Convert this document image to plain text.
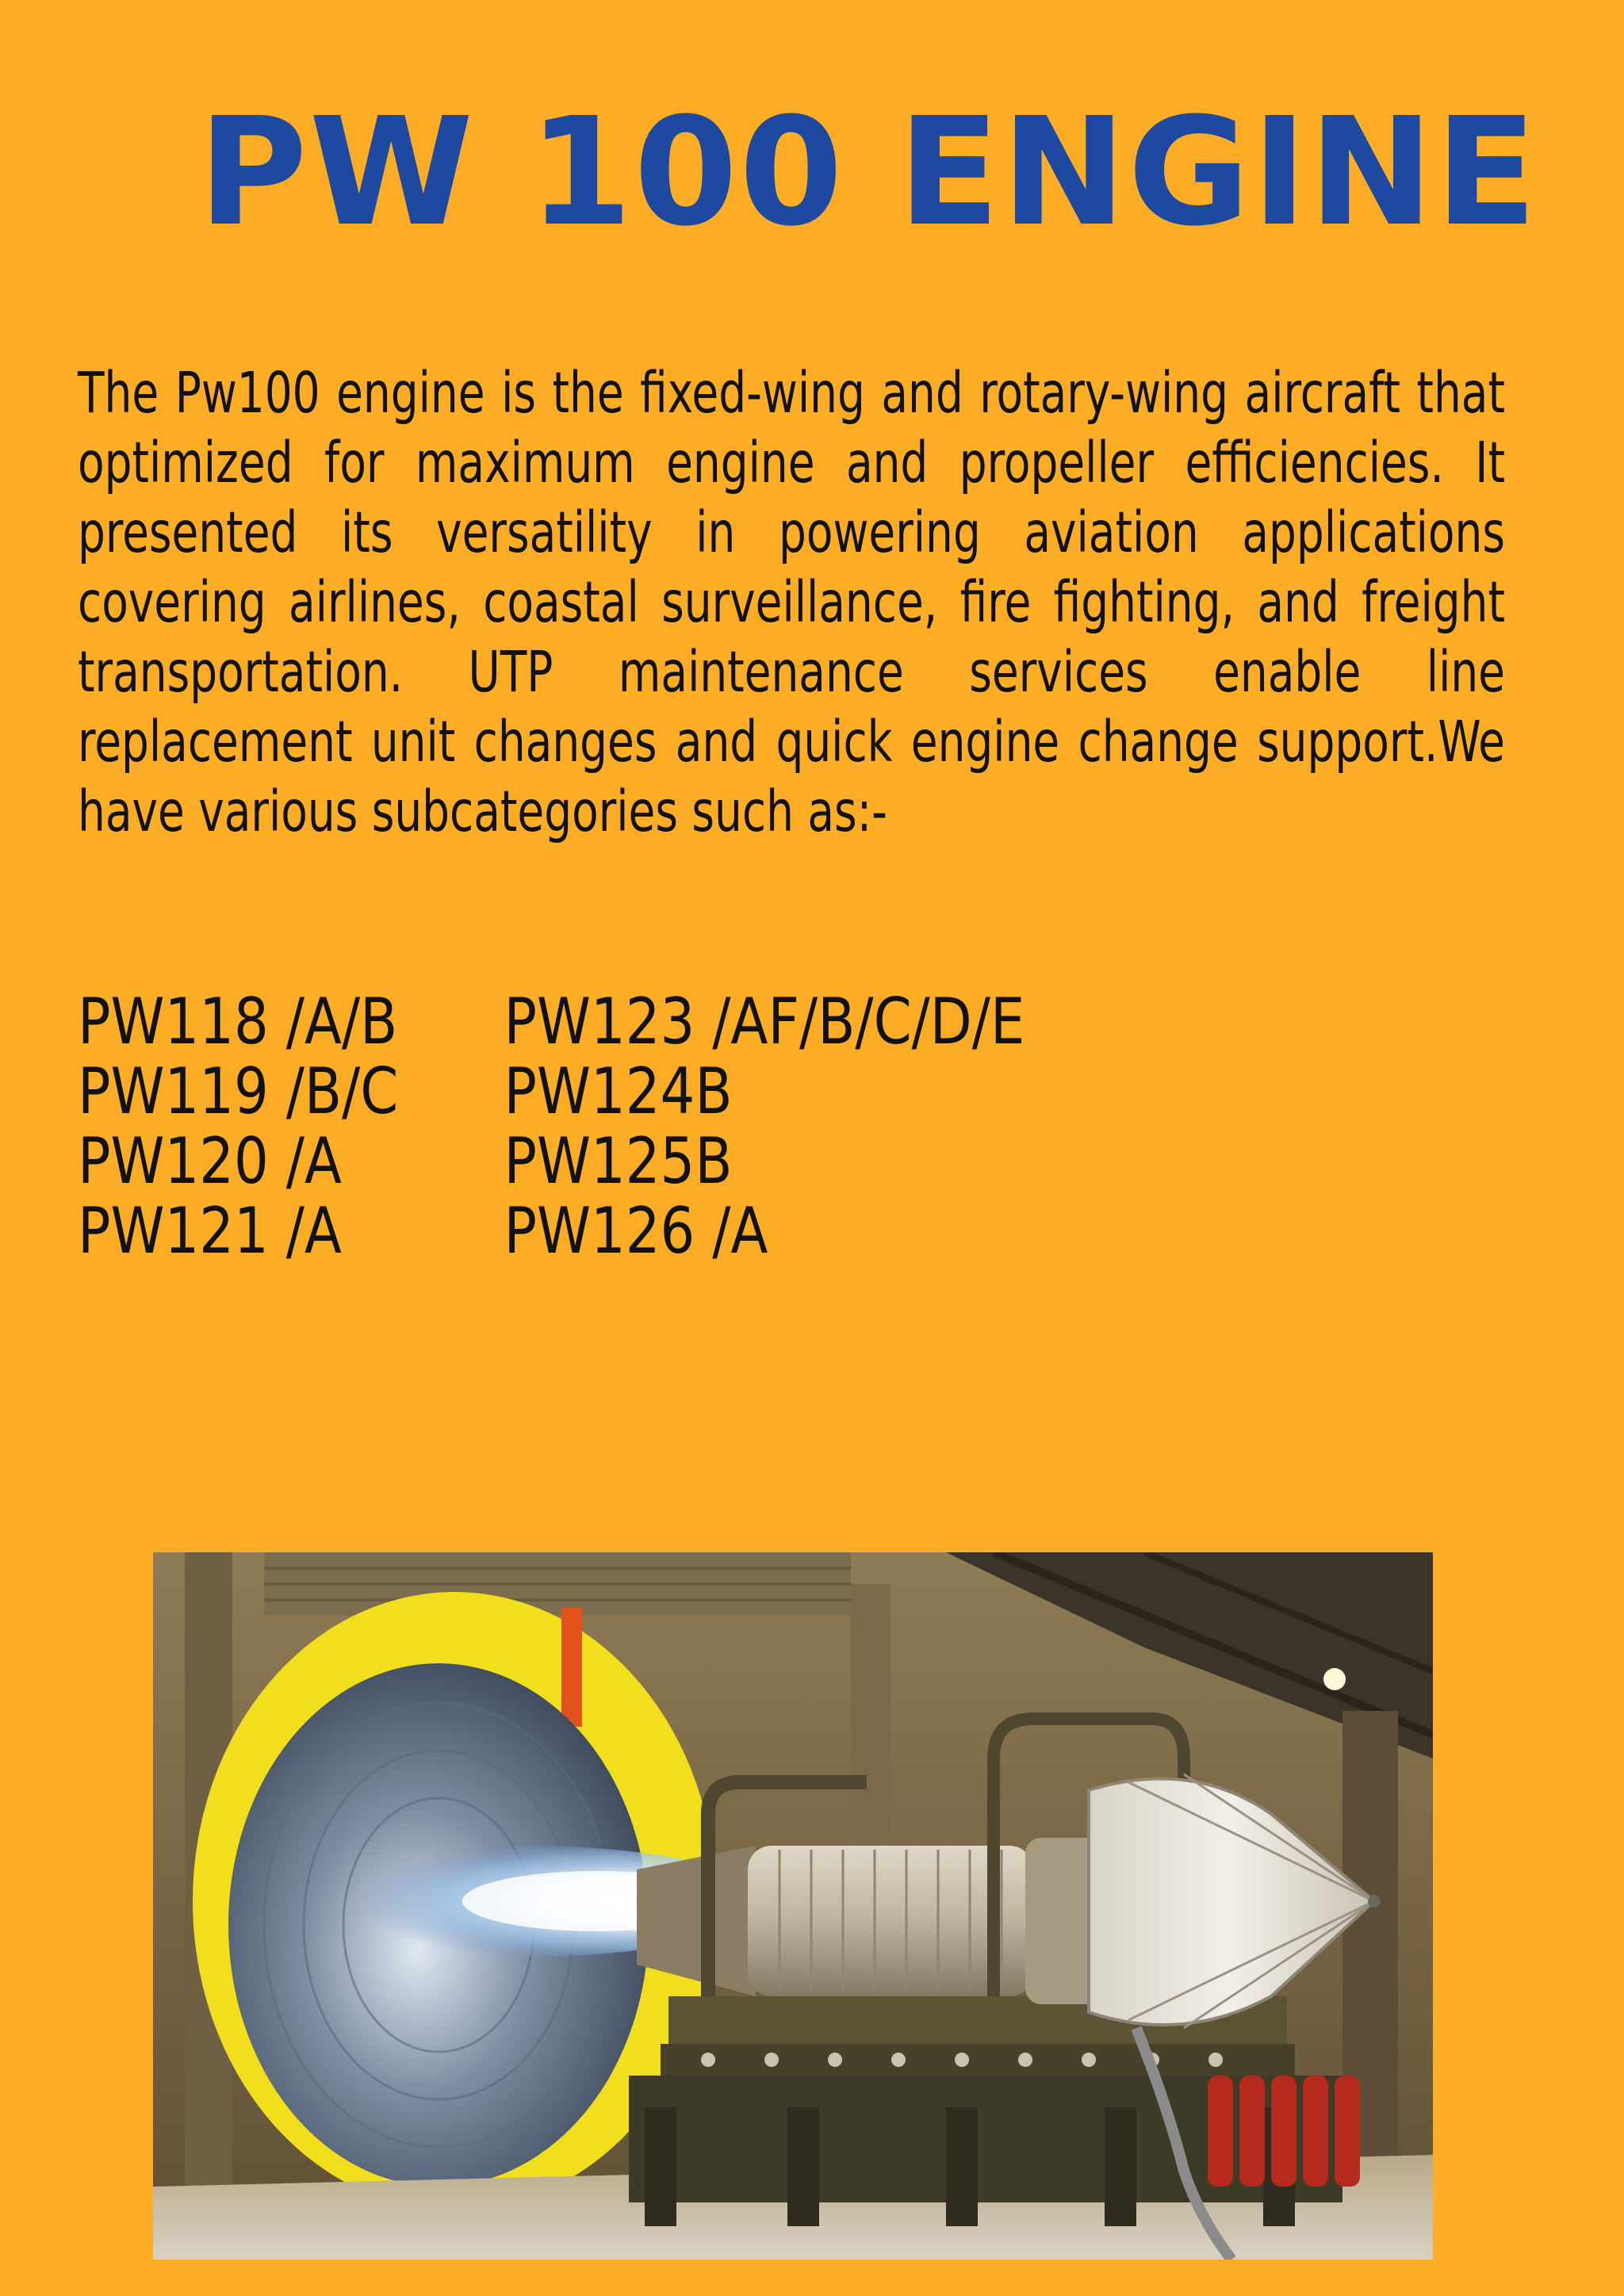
PW 100 ENGINE

The Pw100 engine is the fixed-wing and rotary-wing aircraft that optimized for maximum engine and propeller efficiencies. It presented its versatility in powering aviation applications covering airlines, coastal surveillance, fire fighting, and freight transportation. UTP maintenance services enable line replacement unit changes and quick engine change support.We have various subcategories such as:-

PW118 /A/B	PW123 /AF/B/C/D/E
PW119 /B/C	PW124B
PW120 /A	PW125B
PW121 /A	PW126 /A
